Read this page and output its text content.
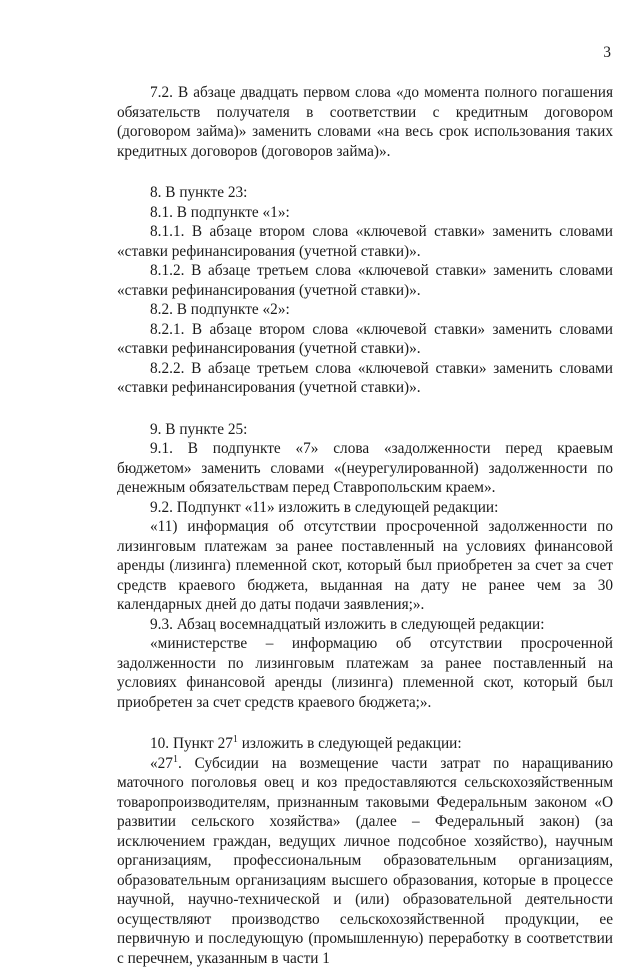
3

7.2. В абзаце двадцать первом слова «до момента полного погашения обязательств получателя в соответствии с кредитным договором (договором займа)» заменить словами «на весь срок использования таких кредитных договоров (договоров займа)».

8. В пункте 23:

8.1. В подпункте «1»:

8.1.1. В абзаце втором слова «ключевой ставки» заменить словами «ставки рефинансирования (учетной ставки)».

8.1.2. В абзаце третьем слова «ключевой ставки» заменить словами «ставки рефинансирования (учетной ставки)».

8.2. В подпункте «2»:

8.2.1. В абзаце втором слова «ключевой ставки» заменить словами «ставки рефинансирования (учетной ставки)».

8.2.2. В абзаце третьем слова «ключевой ставки» заменить словами «ставки рефинансирования (учетной ставки)».

9. В пункте 25:

9.1. В подпункте «7» слова «задолженности перед краевым бюджетом» заменить словами «(неурегулированной) задолженности по денежным обязательствам перед Ставропольским краем».

9.2. Подпункт «11» изложить в следующей редакции:

«11) информация об отсутствии просроченной задолженности по лизинговым платежам за ранее поставленный на условиях финансовой аренды (лизинга) племенной скот, который был приобретен за счет за счет средств краевого бюджета, выданная на дату не ранее чем за 30 календарных дней до даты подачи заявления;».

9.3. Абзац восемнадцатый изложить в следующей редакции:

«министерстве – информацию об отсутствии просроченной задолженности по лизинговым платежам за ранее поставленный на условиях финансовой аренды (лизинга) племенной скот, который был приобретен за счет средств краевого бюджета;».

10. Пункт $27^1$ изложить в следующей редакции:

«$27^1$. Субсидии на возмещение части затрат по наращиванию маточного поголовья овец и коз предоставляются сельскохозяйственным товаропроизводителям, признанным таковыми Федеральным законом «О развитии сельского хозяйства» (далее – Федеральный закон) (за исключением граждан, ведущих личное подсобное хозяйство), научным организациям, профессиональным образовательным организациям, образовательным организациям высшего образования, которые в процессе научной, научно-технической и (или) образовательной деятельности осуществляют производство сельскохозяйственной продукции, ее первичную и последующую (промышленную) переработку в соответствии с перечнем, указанным в части 1
